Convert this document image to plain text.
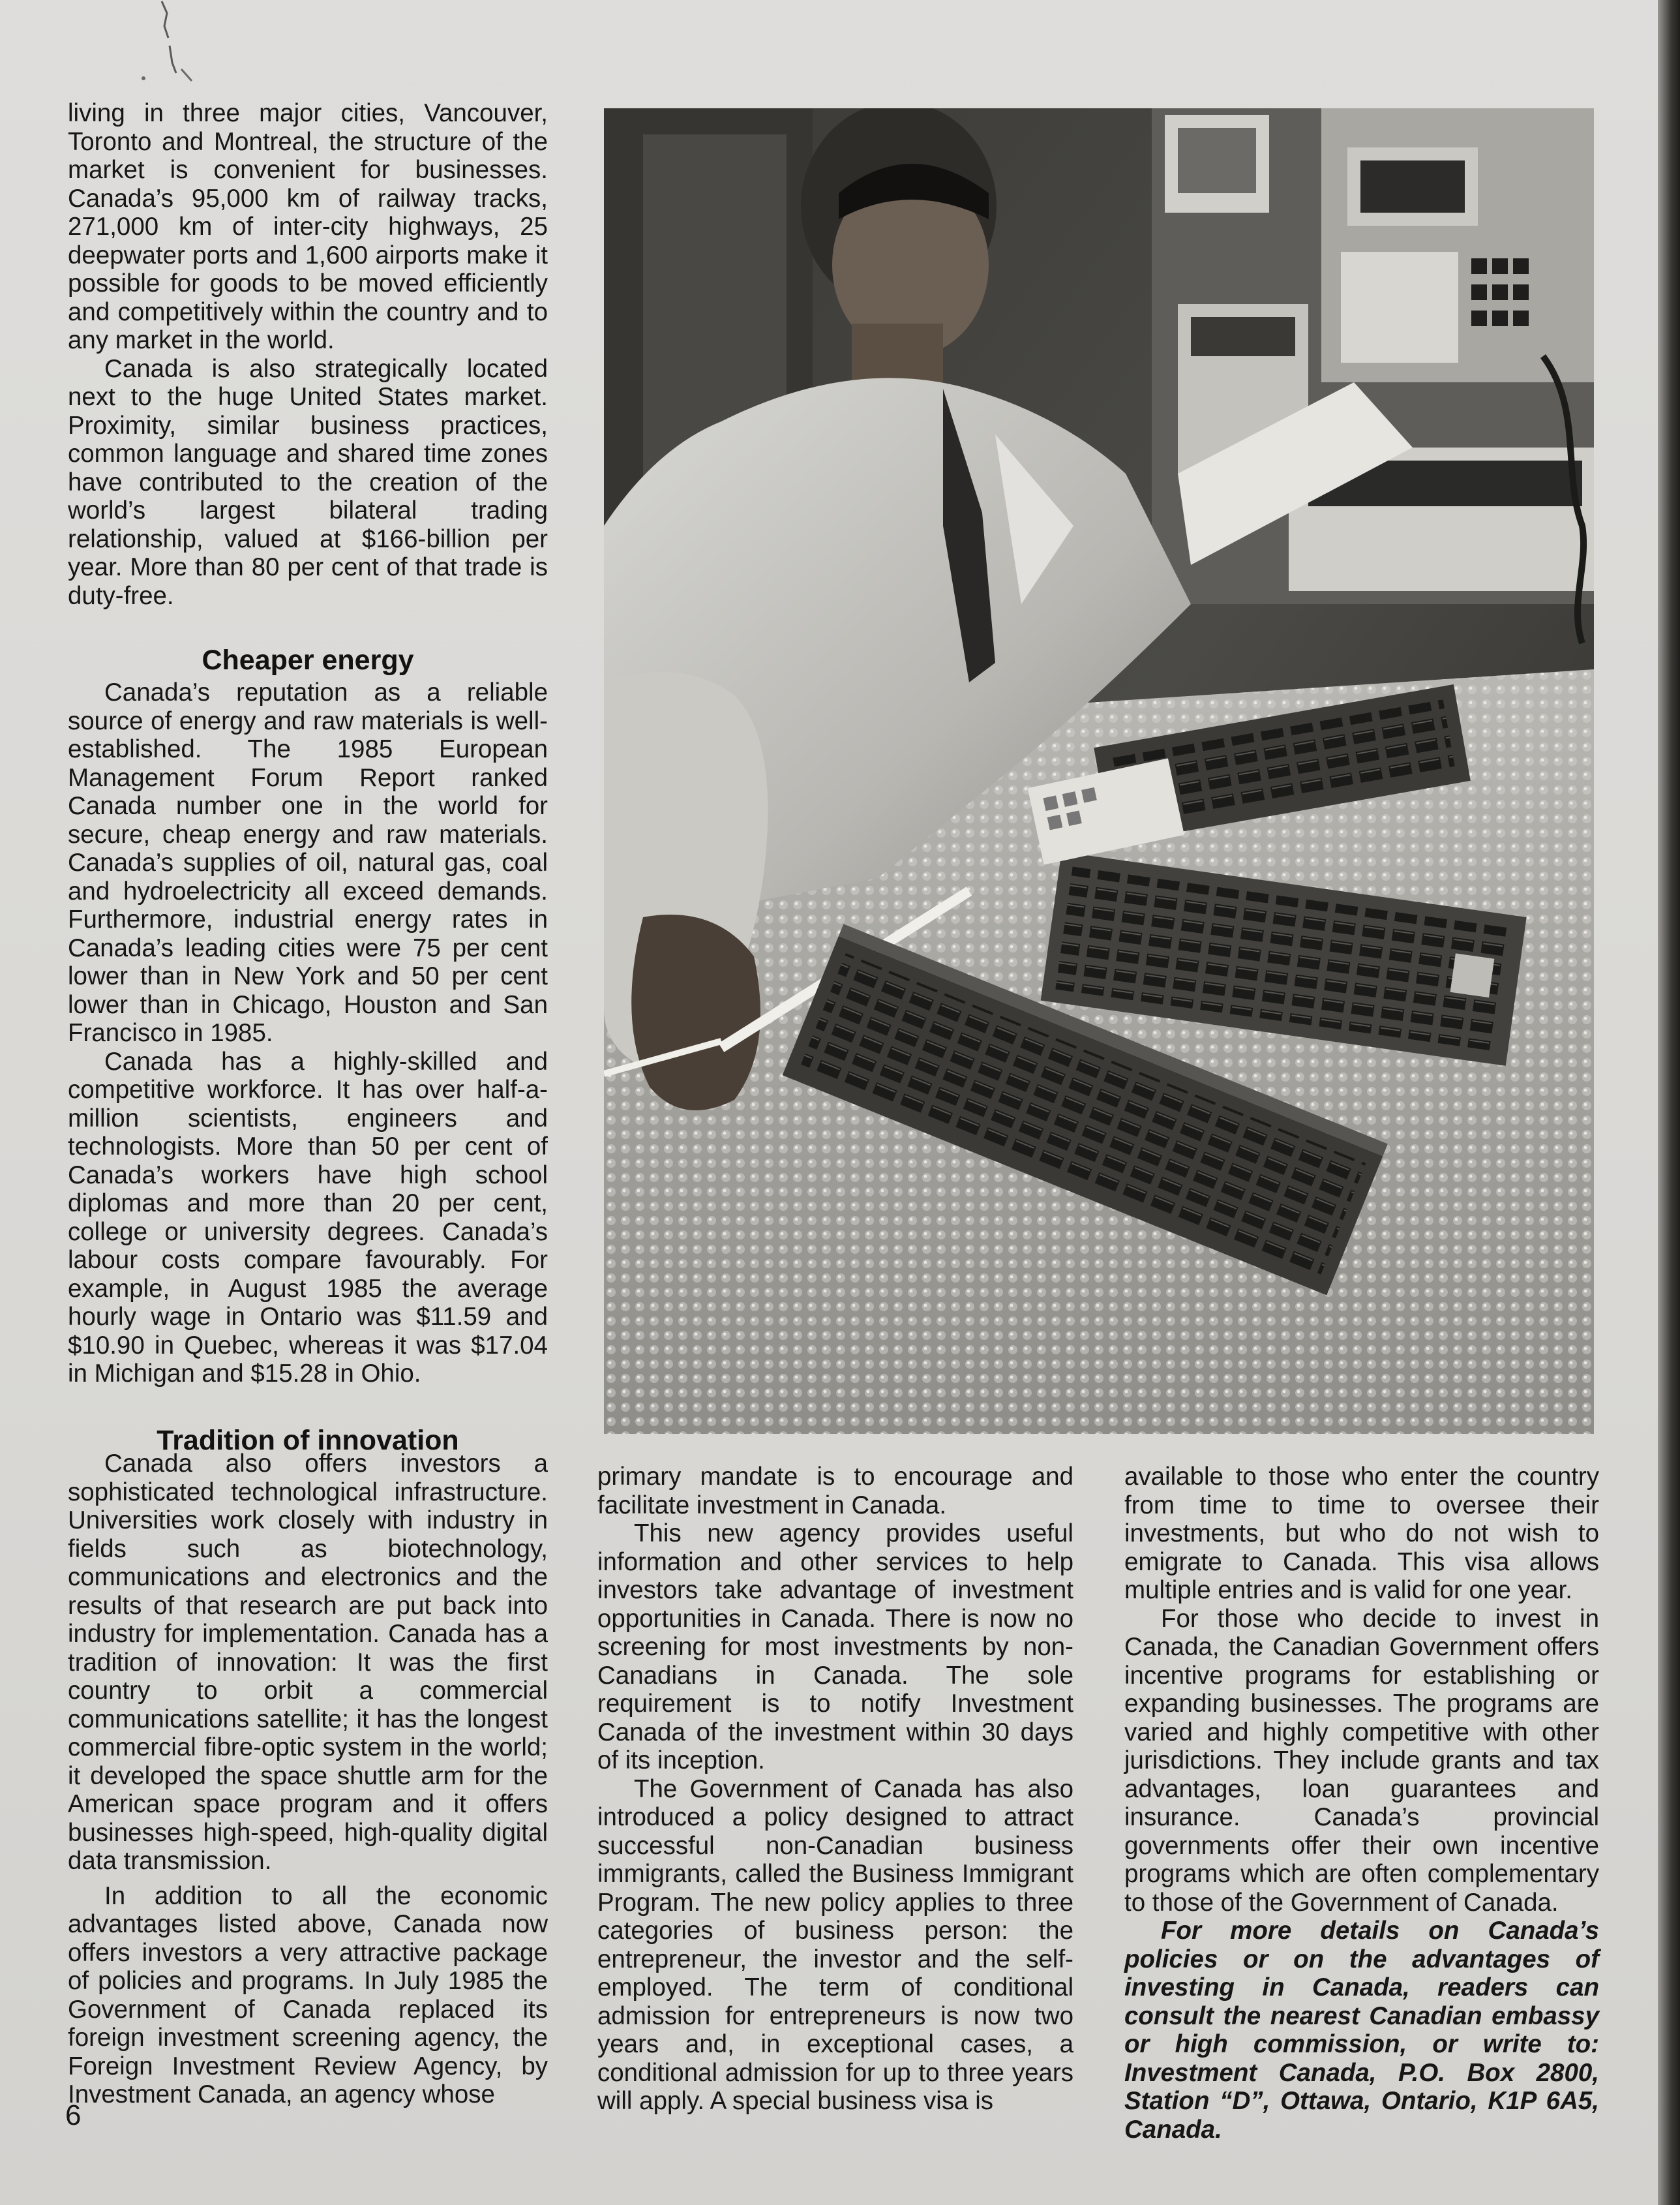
living in three major cities, Vancouver, Toronto and Montreal, the structure of the market is convenient for businesses. Canada’s 95,000 km of railway tracks, 271,000 km of inter-city highways, 25 deepwater ports and 1,600 airports make it possible for goods to be moved efficiently and competitively within the country and to any market in the world.

Canada is also strategically located next to the huge United States market. Proximity, similar business practices, common language and shared time zones have contributed to the creation of the world’s largest bilateral trading relationship, valued at $166-billion per year. More than 80 per cent of that trade is duty-free.

Cheaper energy

Canada’s reputation as a reliable source of energy and raw materials is well-established. The 1985 European Management Forum Report ranked Canada number one in the world for secure, cheap energy and raw materials. Canada’s supplies of oil, natural gas, coal and hydroelectricity all exceed demands. Furthermore, industrial energy rates in Canada’s leading cities were 75 per cent lower than in New York and 50 per cent lower than in Chicago, Houston and San Francisco in 1985.

Canada has a highly-skilled and competitive workforce. It has over half-a-million scientists, engineers and technologists. More than 50 per cent of Canada’s workers have high school diplomas and more than 20 per cent, college or university degrees. Canada’s labour costs compare favourably. For example, in August 1985 the average hourly wage in Ontario was $11.59 and $10.90 in Quebec, whereas it was $17.04 in Michigan and $15.28 in Ohio.

Tradition of innovation

Canada also offers investors a sophisticated technological infrastructure. Universities work closely with industry in fields such as biotechnology, communications and electronics and the results of that research are put back into industry for implementation. Canada has a tradition of innovation: It was the first country to orbit a commercial communications satellite; it has the longest commercial fibre-optic system in the world; it developed the space shuttle arm for the American space program and it offers businesses high-speed, high-quality digital data transmission.

In addition to all the economic advantages listed above, Canada now offers investors a very attractive package of policies and programs. In July 1985 the Government of Canada replaced its foreign investment screening agency, the Foreign Investment Review Agency, by Investment Canada, an agency whose

primary mandate is to encourage and facilitate investment in Canada.

This new agency provides useful information and other services to help investors take advantage of investment opportunities in Canada. There is now no screening for most investments by non-Canadians in Canada. The sole requirement is to notify Investment Canada of the investment within 30 days of its inception.

The Government of Canada has also introduced a policy designed to attract successful non-Canadian business immigrants, called the Business Immigrant Program. The new policy applies to three categories of business person: the entrepreneur, the investor and the self-employed. The term of conditional admission for entrepreneurs is now two years and, in exceptional cases, a conditional admission for up to three years will apply. A special business visa is

available to those who enter the country from time to time to oversee their investments, but who do not wish to emigrate to Canada. This visa allows multiple entries and is valid for one year.

For those who decide to invest in Canada, the Canadian Government offers incentive programs for establishing or expanding businesses. The programs are varied and highly competitive with other jurisdictions. They include grants and tax advantages, loan guarantees and insurance. Canada’s provincial governments offer their own incentive programs which are often complementary to those of the Government of Canada.

For more details on Canada’s policies or on the advantages of investing in Canada, readers can consult the nearest Canadian embassy or high commission, or write to: Investment Canada, P.O. Box 2800, Station “D”, Ottawa, Ontario, K1P 6A5, Canada.

6
